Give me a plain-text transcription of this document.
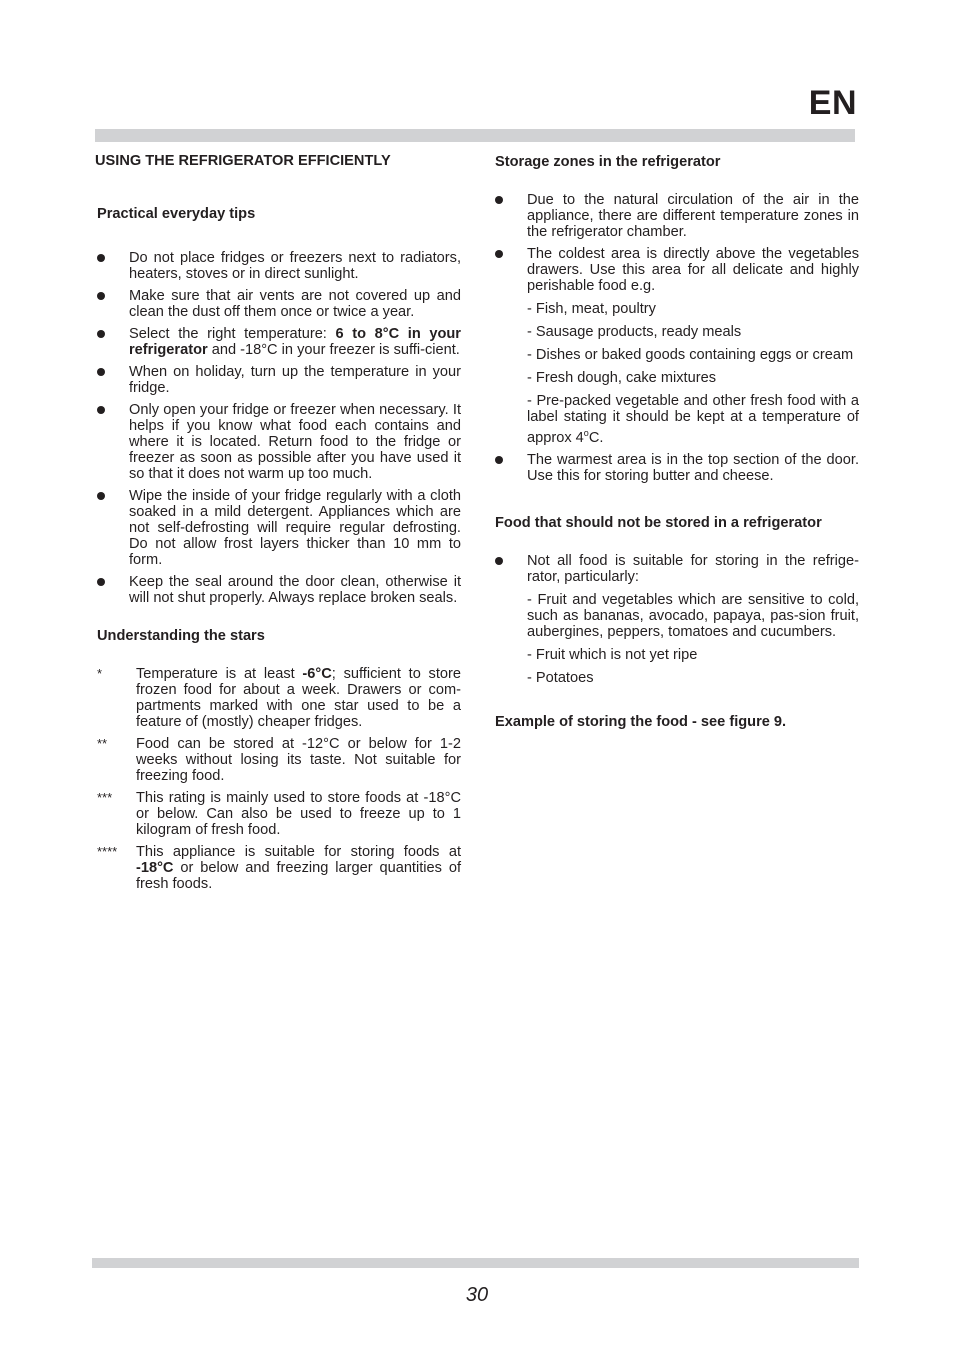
EN
USING THE REFRIGERATOR EFFICIENTLY
Practical everyday tips
Do not place fridges or freezers next to radiators, heaters, stoves or in direct sunlight.
Make sure that air vents are not covered up and clean the dust off them once or twice a year.
Select the right temperature: 6 to 8°C in your refrigerator and -18°C in your freezer is suffi-cient.
When on holiday, turn up the temperature in your fridge.
Only open your fridge or freezer when necessary. It helps if you know what food each contains and where it is located. Return food to the fridge or freezer as soon as possible after you have used it so that it does not warm up too much.
Wipe the inside of your fridge regularly with a cloth soaked in a mild detergent. Appliances which are not self-defrosting will require regular defrosting. Do not allow frost layers thicker than 10 mm to form.
Keep the seal around the door clean, otherwise it will not shut properly. Always replace broken seals.
Understanding the stars
* Temperature is at least -6°C; sufficient to store frozen food for about a week. Drawers or com-partments marked with one star used to be a feature of (mostly) cheaper fridges.
** Food can be stored at -12°C or below for 1-2 weeks without losing its taste. Not suitable for freezing food.
*** This rating is mainly used to store foods at -18°C or below. Can also be used to freeze up to 1 kilogram of fresh food.
**** This appliance is suitable for storing foods at -18°C or below and freezing larger quantities of fresh foods.
Storage zones in the refrigerator
Due to the natural circulation of the air in the appliance, there are different temperature zones in the refrigerator chamber.
The coldest area is directly above the vegetables drawers. Use this area for all delicate and highly perishable food e.g.
- Fish, meat, poultry
- Sausage products, ready meals
- Dishes or baked goods containing eggs or cream
- Fresh dough, cake mixtures
- Pre-packed vegetable and other fresh food with a label stating it should be kept at a temperature of approx 4$^o$C.
The warmest area is in the top section of the door. Use this for storing butter and cheese.
Food that should not be stored in a refrigerator
Not all food is suitable for storing in the refrige-rator, particularly:
- Fruit and vegetables which are sensitive to cold, such as bananas, avocado, papaya, pas-sion fruit, aubergines, peppers, tomatoes and cucumbers.
- Fruit which is not yet ripe
- Potatoes
Example of storing the food - see figure 9.
30
